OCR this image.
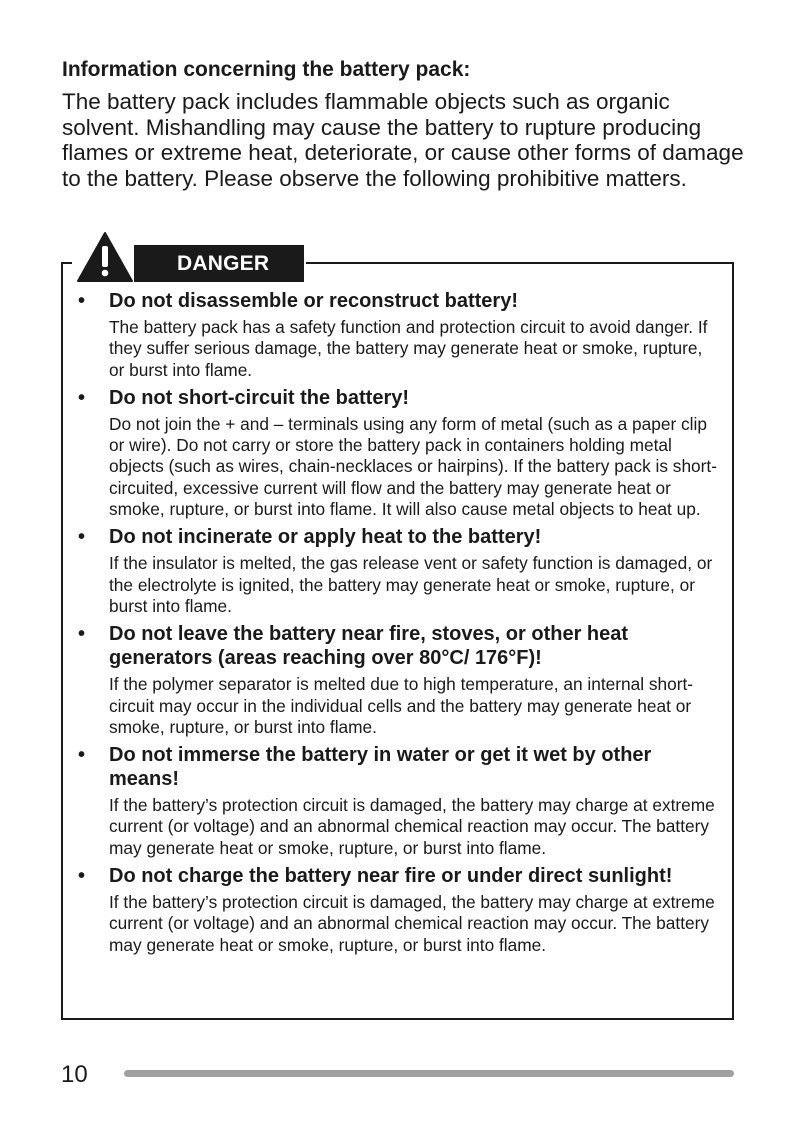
Information concerning the battery pack:

The battery pack includes flammable objects such as organic solvent. Mishandling may cause the battery to rupture producing flames or extreme heat, deteriorate, or cause other forms of damage to the battery. Please observe the following prohibitive matters.

DANGER
• Do not disassemble or reconstruct battery!
The battery pack has a safety function and protection circuit to avoid danger. If they suffer serious damage, the battery may generate heat or smoke, rupture, or burst into flame.
• Do not short-circuit the battery!
Do not join the + and – terminals using any form of metal (such as a paper clip or wire). Do not carry or store the battery pack in containers holding metal objects (such as wires, chain-necklaces or hairpins). If the battery pack is short-circuited, excessive current will flow and the battery may generate heat or smoke, rupture, or burst into flame. It will also cause metal objects to heat up.
• Do not incinerate or apply heat to the battery!
If the insulator is melted, the gas release vent or safety function is damaged, or the electrolyte is ignited, the battery may generate heat or smoke, rupture, or burst into flame.
• Do not leave the battery near fire, stoves, or other heat generators (areas reaching over 80°C/ 176°F)!
If the polymer separator is melted due to high temperature, an internal short-circuit may occur in the individual cells and the battery may generate heat or smoke, rupture, or burst into flame.
• Do not immerse the battery in water or get it wet by other means!
If the battery’s protection circuit is damaged, the battery may charge at extreme current (or voltage) and an abnormal chemical reaction may occur. The battery may generate heat or smoke, rupture, or burst into flame.
• Do not charge the battery near fire or under direct sunlight!
If the battery’s protection circuit is damaged, the battery may charge at extreme current (or voltage) and an abnormal chemical reaction may occur. The battery may generate heat or smoke, rupture, or burst into flame.
10
